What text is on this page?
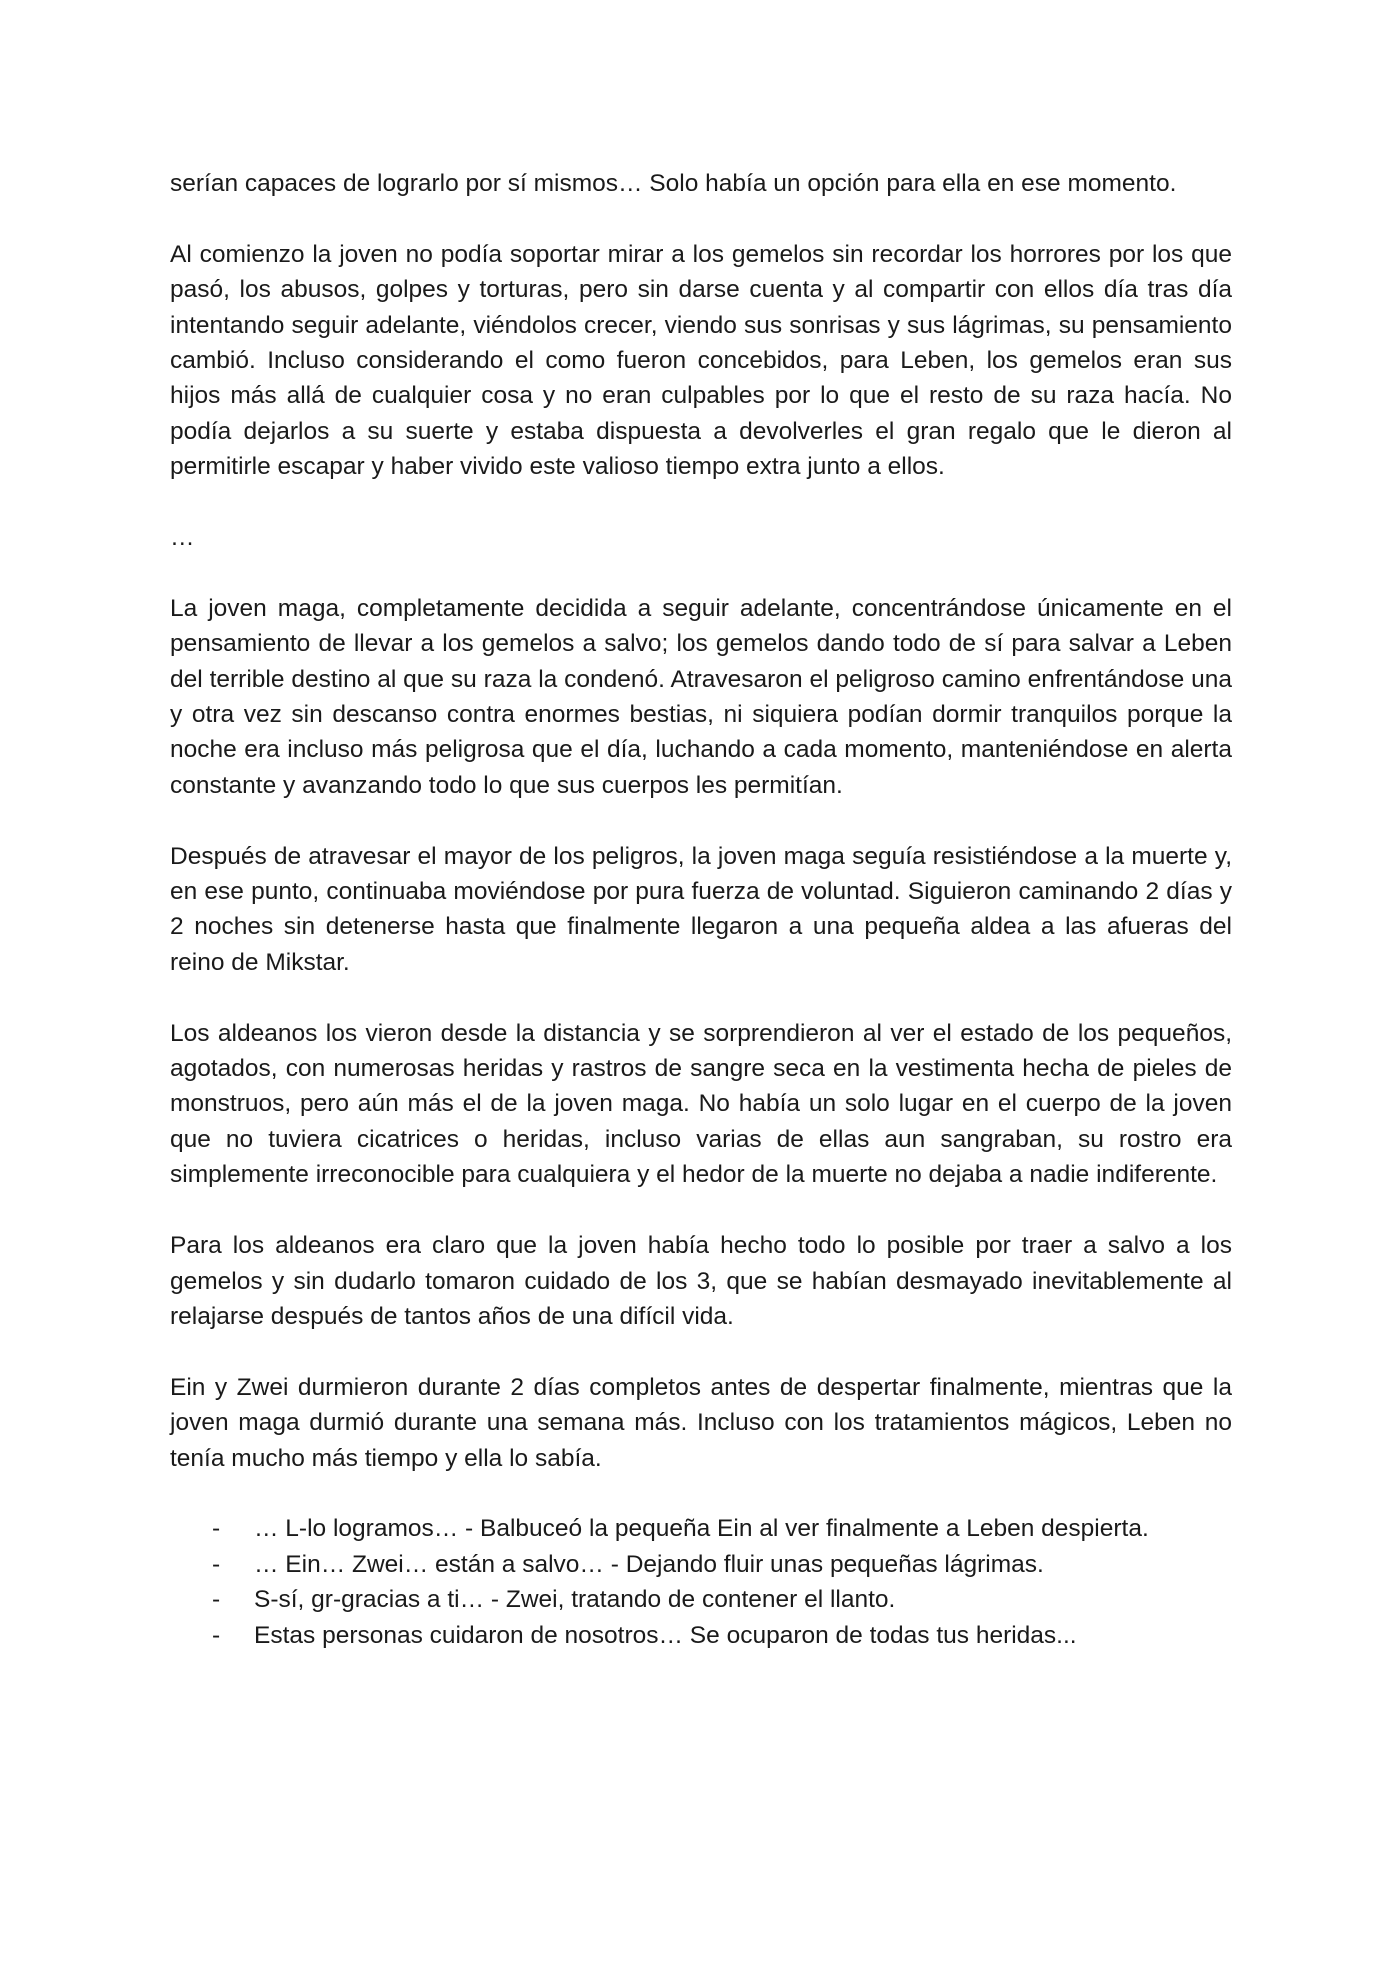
serían capaces de lograrlo por sí mismos… Solo había un opción para ella en ese momento.

Al comienzo la joven no podía soportar mirar a los gemelos sin recordar los horrores por los que pasó, los abusos, golpes y torturas, pero sin darse cuenta y al compartir con ellos día tras día intentando seguir adelante, viéndolos crecer, viendo sus sonrisas y sus lágrimas, su pensamiento cambió. Incluso considerando el como fueron concebidos, para Leben, los gemelos eran sus hijos más allá de cualquier cosa y no eran culpables por lo que el resto de su raza hacía. No podía dejarlos a su suerte y estaba dispuesta a devolverles el gran regalo que le dieron al permitirle escapar y haber vivido este valioso tiempo extra junto a ellos.

…

La joven maga, completamente decidida a seguir adelante, concentrándose únicamente en el pensamiento de llevar a los gemelos a salvo; los gemelos dando todo de sí para salvar a Leben del terrible destino al que su raza la condenó. Atravesaron el peligroso camino enfrentándose una y otra vez sin descanso contra enormes bestias, ni siquiera podían dormir tranquilos porque la noche era incluso más peligrosa que el día, luchando a cada momento, manteniéndose en alerta constante y avanzando todo lo que sus cuerpos les permitían.

Después de atravesar el mayor de los peligros, la joven maga seguía resistiéndose a la muerte y, en ese punto, continuaba moviéndose por pura fuerza de voluntad. Siguieron caminando 2 días y 2 noches sin detenerse hasta que finalmente llegaron a una pequeña aldea a las afueras del reino de Mikstar.

Los aldeanos los vieron desde la distancia y se sorprendieron al ver el estado de los pequeños, agotados, con numerosas heridas y rastros de sangre seca en la vestimenta hecha de pieles de monstruos, pero aún más el de la joven maga. No había un solo lugar en el cuerpo de la joven que no tuviera cicatrices o heridas, incluso varias de ellas aun sangraban, su rostro era simplemente irreconocible para cualquiera y el hedor de la muerte no dejaba a nadie indiferente.

Para los aldeanos era claro que la joven había hecho todo lo posible por traer a salvo a los gemelos y sin dudarlo tomaron cuidado de los 3, que se habían desmayado inevitablemente al relajarse después de tantos años de una difícil vida.

Ein y Zwei durmieron durante 2 días completos antes de despertar finalmente, mientras que la joven maga durmió durante una semana más. Incluso con los tratamientos mágicos, Leben no tenía mucho más tiempo y ella lo sabía.

- … L-lo logramos… - Balbuceó la pequeña Ein al ver finalmente a Leben despierta.
- … Ein… Zwei… están a salvo… - Dejando fluir unas pequeñas lágrimas.
- S-sí, gr-gracias a ti… - Zwei, tratando de contener el llanto.
- Estas personas cuidaron de nosotros… Se ocuparon de todas tus heridas...
